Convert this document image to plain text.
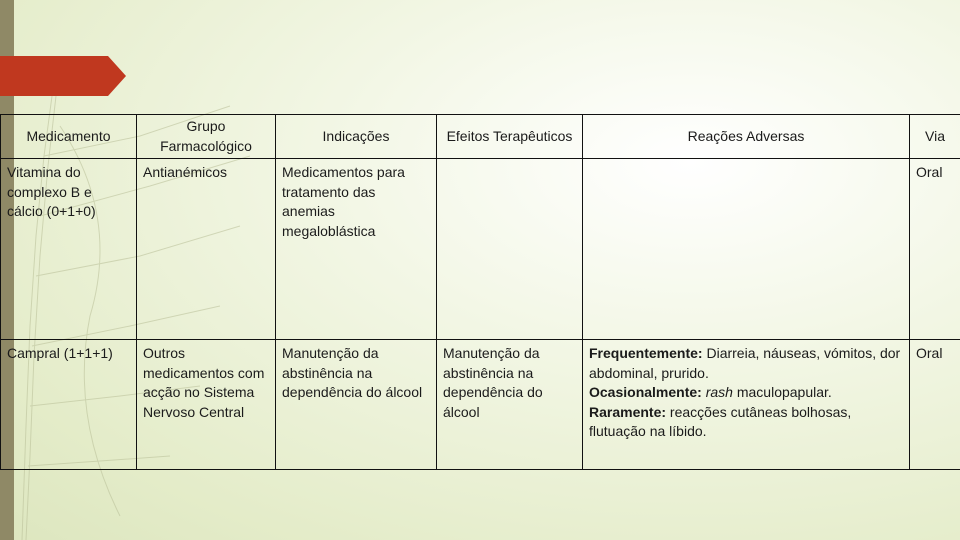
Medicamento	Grupo Farmacológico	Indicações	Efeitos Terapêuticos	Reações Adversas	Via
Vitamina do complexo B e cálcio (0+1+0)	Antianémicos	Medicamentos para tratamento das anemias megaloblástica			Oral
Campral (1+1+1)	Outros medicamentos com acção no Sistema Nervoso Central	Manutenção da abstinência na dependência do álcool	Manutenção da abstinência na dependência do álcool	Frequentemente: Diarreia, náuseas, vómitos, dor abdominal, prurido.
Ocasionalmente: rash maculopapular.
Raramente: reacções cutâneas bolhosas, flutuação na líbido.	Oral
